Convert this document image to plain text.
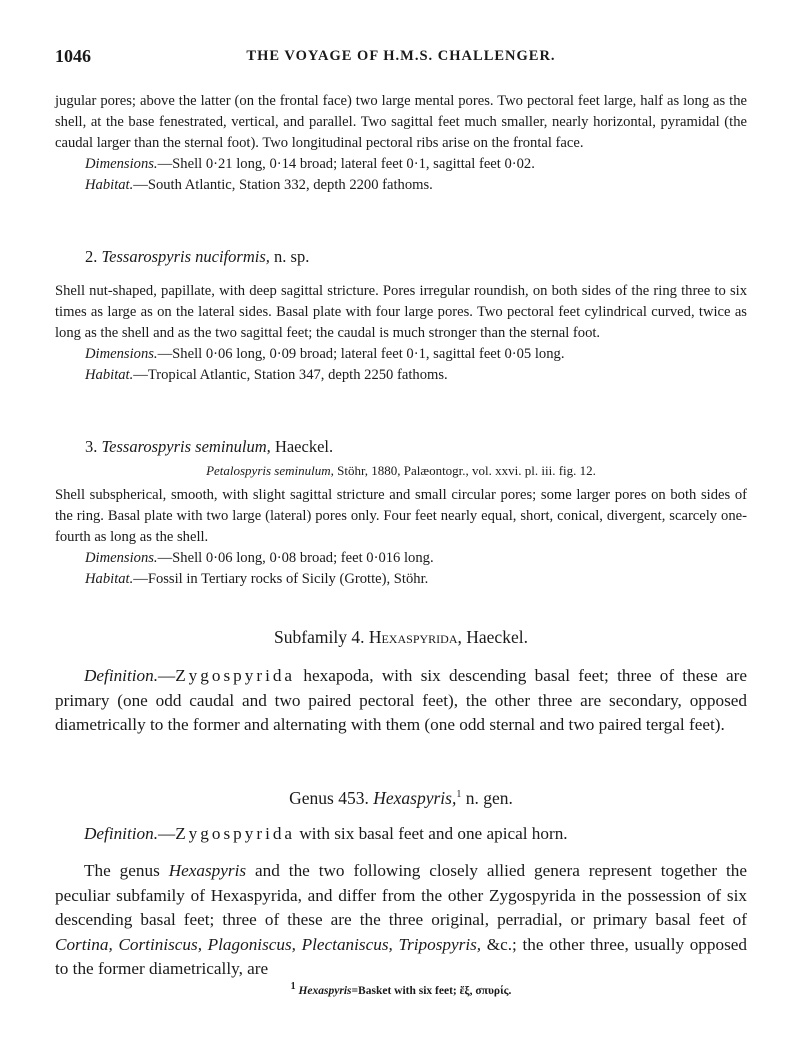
1046	THE VOYAGE OF H.M.S. CHALLENGER.

jugular pores; above the latter (on the frontal face) two large mental pores. Two pectoral feet large, half as long as the shell, at the base fenestrated, vertical, and parallel. Two sagittal feet much smaller, nearly horizontal, pyramidal (the caudal larger than the sternal foot). Two longitudinal pectoral ribs arise on the frontal face.

Dimensions.—Shell 0·21 long, 0·14 broad; lateral feet 0·1, sagittal feet 0·02.

Habitat.—South Atlantic, Station 332, depth 2200 fathoms.

2. Tessarospyris nuciformis, n. sp.

Shell nut-shaped, papillate, with deep sagittal stricture. Pores irregular roundish, on both sides of the ring three to six times as large as on the lateral sides. Basal plate with four large pores. Two pectoral feet cylindrical curved, twice as long as the shell and as the two sagittal feet; the caudal is much stronger than the sternal foot.

Dimensions.—Shell 0·06 long, 0·09 broad; lateral feet 0·1, sagittal feet 0·05 long.

Habitat.—Tropical Atlantic, Station 347, depth 2250 fathoms.

3. Tessarospyris seminulum, Haeckel.

Petalospyris seminulum, Stöhr, 1880, Palæontogr., vol. xxvi. pl. iii. fig. 12.

Shell subspherical, smooth, with slight sagittal stricture and small circular pores; some larger pores on both sides of the ring. Basal plate with two large (lateral) pores only. Four feet nearly equal, short, conical, divergent, scarcely one-fourth as long as the shell.

Dimensions.—Shell 0·06 long, 0·08 broad; feet 0·016 long.

Habitat.—Fossil in Tertiary rocks of Sicily (Grotte), Stöhr.

Subfamily 4. Hexaspyrida, Haeckel.

Definition.—Zygospyrida hexapoda, with six descending basal feet; three of these are primary (one odd caudal and two paired pectoral feet), the other three are secondary, opposed diametrically to the former and alternating with them (one odd sternal and two paired tergal feet).

Genus 453. Hexaspyris,$^1$ n. gen.

Definition.—Zygospyrida with six basal feet and one apical horn.

The genus Hexaspyris and the two following closely allied genera represent together the peculiar subfamily of Hexaspyrida, and differ from the other Zygospyrida in the possession of six descending basal feet; three of these are the three original, perradial, or primary basal feet of Cortina, Cortiniscus, Plagoniscus, Plectaniscus, Tripospyris, &c.; the other three, usually opposed to the former diametrically, are

$^1$ Hexaspyris=Basket with six feet; ἕξ, σπυρίς.
